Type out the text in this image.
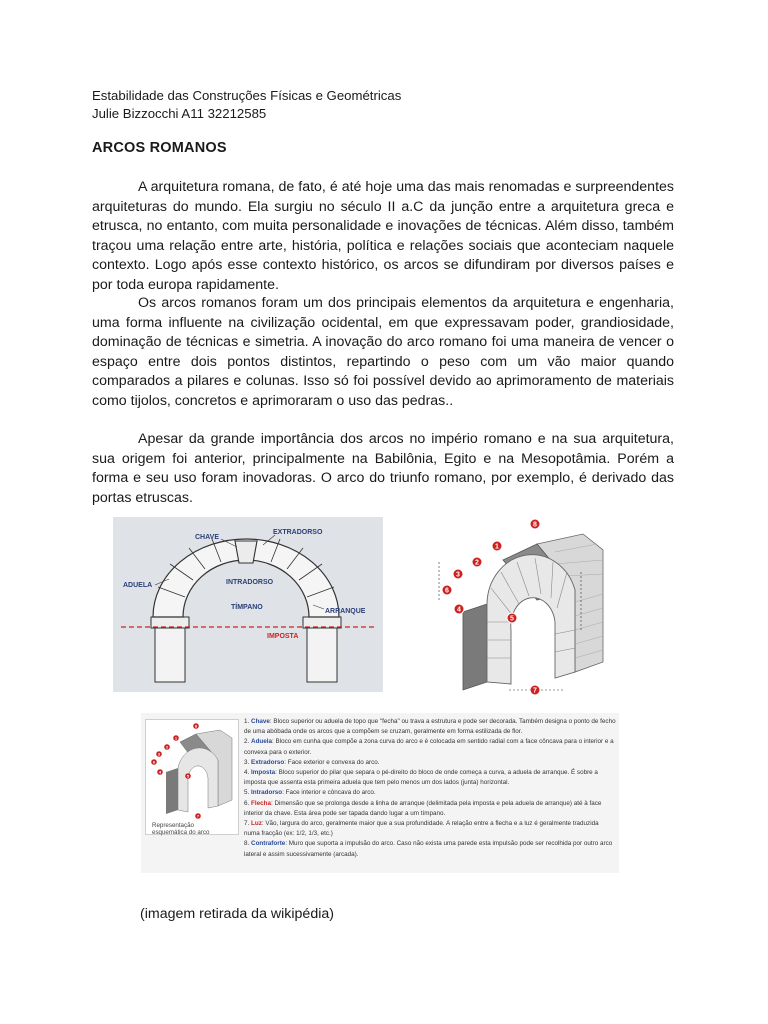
Estabilidade das Construções Físicas e Geométricas
Julie Bizzocchi A11 32212585
ARCOS ROMANOS

A arquitetura romana, de fato, é até hoje uma das mais renomadas e surpreendentes arquiteturas do mundo. Ela surgiu no século II a.C da junção entre a arquitetura greca e etrusca, no entanto, com muita personalidade e inovações de técnicas. Além disso, também traçou uma relação entre arte, história, política e relações sociais que aconteciam naquele contexto. Logo após esse contexto histórico, os arcos se difundiram por diversos países e por toda europa rapidamente.

Os arcos romanos foram um dos principais elementos da arquitetura e engenharia, uma forma influente na civilização ocidental, em que expressavam poder, grandiosidade, dominação de técnicas e simetria. A inovação do arco romano foi uma maneira de vencer o espaço entre dois pontos distintos, repartindo o peso com um vão maior quando comparados a pilares e colunas. Isso só foi possível devido ao aprimoramento de materiais como tijolos, concretos e aprimoraram o uso das pedras..

Apesar da grande importância dos arcos no império romano e na sua arquitetura, sua origem foi anterior, principalmente na Babilônia, Egito e na Mesopotâmia. Porém a forma e seu uso foram inovadoras. O arco do triunfo romano, por exemplo, é derivado das portas etruscas.

CHAVE
EXTRADORSO
ADUELA	INTRADORSO
TÍMPANO
ARRANQUE
IMPOSTA
8
1
2
3
6
4
5
7
8
1
2
3
6
4
5
7
Representação
esquemática do arco
1. Chave: Bloco superior ou aduela de topo que "fecha" ou trava a estrutura e pode ser decorada. Também designa o ponto de fecho de uma abóbada onde os arcos que a compõem se cruzam, geralmente em forma estilizada de flor.
2. Aduela: Bloco em cunha que compõe a zona curva do arco e é colocada em sentido radial com a face côncava para o interior e a convexa para o exterior.
3. Extradorso: Face exterior e convexa do arco.
4. Imposta: Bloco superior do pilar que separa o pé-direito do bloco de onde começa a curva, a aduela de arranque. É sobre a imposta que assenta esta primeira aduela que tem pelo menos um dos lados (junta) horizontal.
5. Intradorso: Face interior e côncava do arco.
6. Flecha: Dimensão que se prolonga desde a linha de arranque (delimitada pela imposta e pela aduela de arranque) até à face interior da chave. Esta área pode ser tapada dando lugar a um tímpano.
7. Luz: Vão, largura do arco, geralmente maior que a sua profundidade. A relação entre a flecha e a luz é geralmente traduzida numa fracção (ex: 1/2, 1/3, etc.)
8. Contraforte: Muro que suporta a impulsão do arco. Caso não exista uma parede esta impulsão pode ser recolhida por outro arco lateral e assim sucessivamente (arcada).
(imagem retirada da wikipédia)
